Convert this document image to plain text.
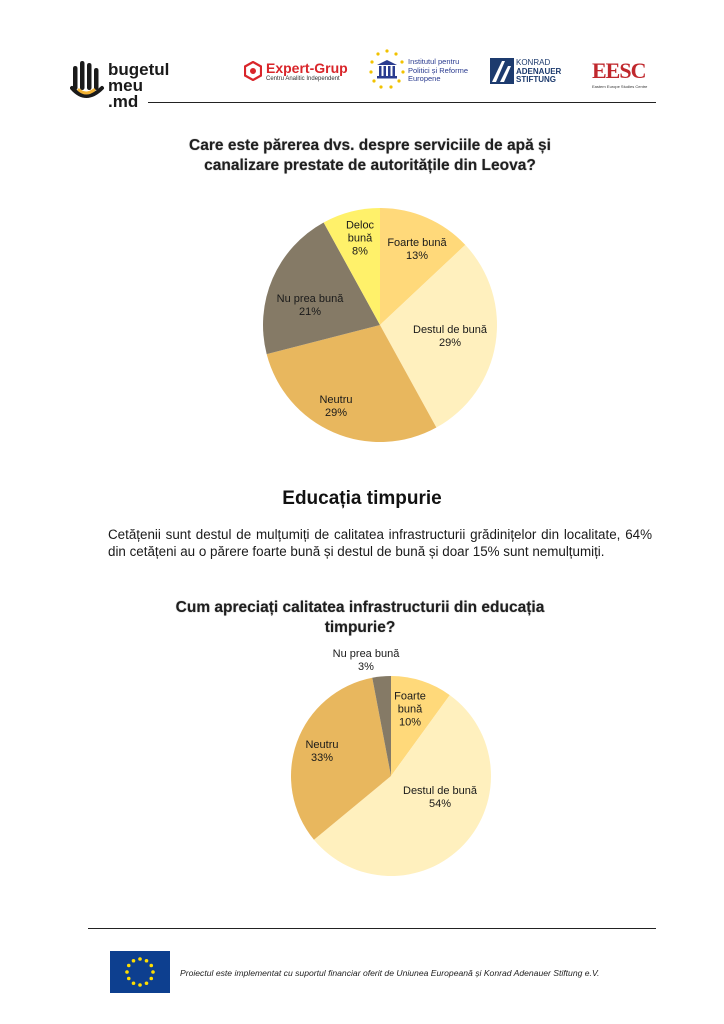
bugetul
meu
.md
Expert-Grup
Centru Analitic Independent
Institutul pentru Politici și Reforme Europene
KONRAD
ADENAUER
STIFTUNG EESC
Eastern Europe Studies Centre
Care este părerea dvs. despre serviciile de apă și canalizare prestate de autoritățile din Leova?
Foarte bună
13%
Destul de bună
29%
Neutru
29%
Nu prea bună
21%
Deloc
bună
8%
Educația timpurie
Cetățenii sunt destul de mulțumiți de calitatea infrastructurii grădinițelor din localitate, 64% din cetățeni au o părere foarte bună și destul de bună și doar 15% sunt nemulțumiți.
Cum apreciați calitatea infrastructurii din educația timpurie?
Foarte
bună
10%
Destul de bună
54%
Neutru
33%
Nu prea bună
3%
Proiectul este implementat cu suportul financiar oferit de Uniunea Europeană și Konrad Adenauer Stiftung e.V.
